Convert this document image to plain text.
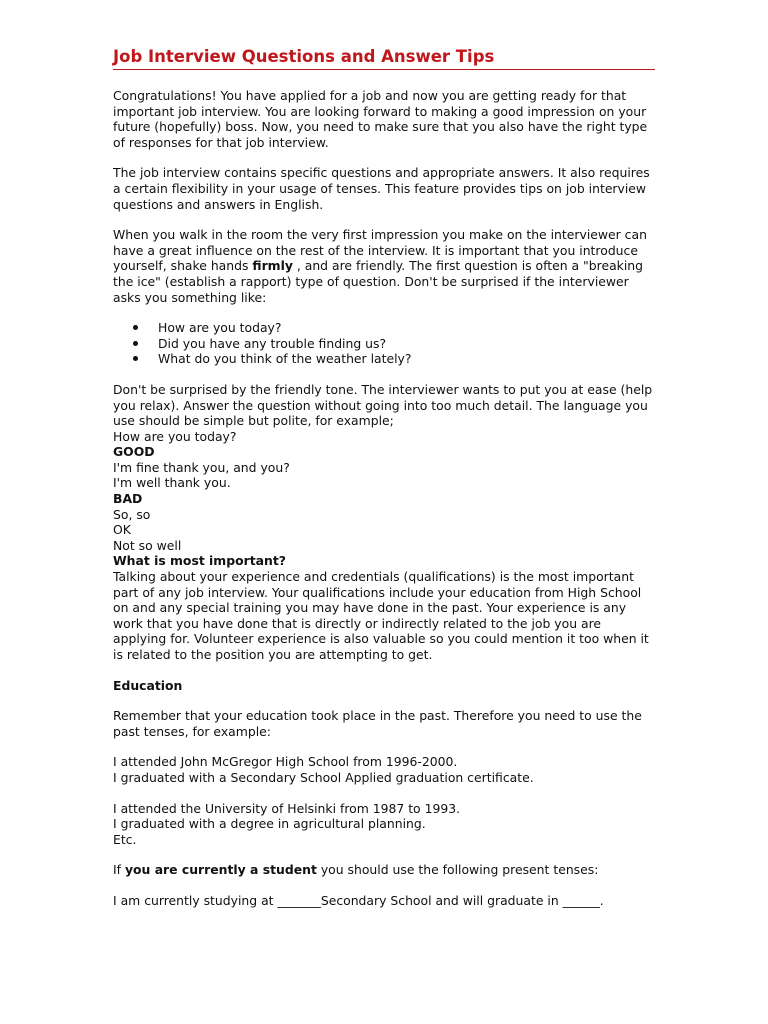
Job Interview Questions and Answer Tips

Congratulations! You have applied for a job and now you are getting ready for that important job interview. You are looking forward to making a good impression on your future (hopefully) boss. Now, you need to make sure that you also have the right type of responses for that job interview.

The job interview contains specific questions and appropriate answers. It also requires a certain flexibility in your usage of tenses. This feature provides tips on job interview questions and answers in English.

When you walk in the room the very first impression you make on the interviewer can have a great influence on the rest of the interview. It is important that you introduce yourself, shake hands firmly , and are friendly. The first question is often a "breaking the ice" (establish a rapport) type of question. Don't be surprised if the interviewer asks you something like:

How are you today?
Did you have any trouble finding us?
What do you think of the weather lately?

Don't be surprised by the friendly tone. The interviewer wants to put you at ease (help you relax). Answer the question without going into too much detail. The language you use should be simple but polite, for example;

How are you today?

GOOD

I'm fine thank you, and you?

I'm well thank you.

BAD

So, so

OK

Not so well

What is most important?

Talking about your experience and credentials (qualifications) is the most important part of any job interview. Your qualifications include your education from High School on and any special training you may have done in the past. Your experience is any work that you have done that is directly or indirectly related to the job you are applying for. Volunteer experience is also valuable so you could mention it too when it is related to the position you are attempting to get.

Education

Remember that your education took place in the past. Therefore you need to use the past tenses, for example:

I attended John McGregor High School from 1996-2000.

I graduated with a Secondary School Applied graduation certificate.

I attended the University of Helsinki from 1987 to 1993.

I graduated with a degree in agricultural planning.

Etc.

If you are currently a student you should use the following present tenses:

I am currently studying at _______Secondary School and will graduate in ______.
